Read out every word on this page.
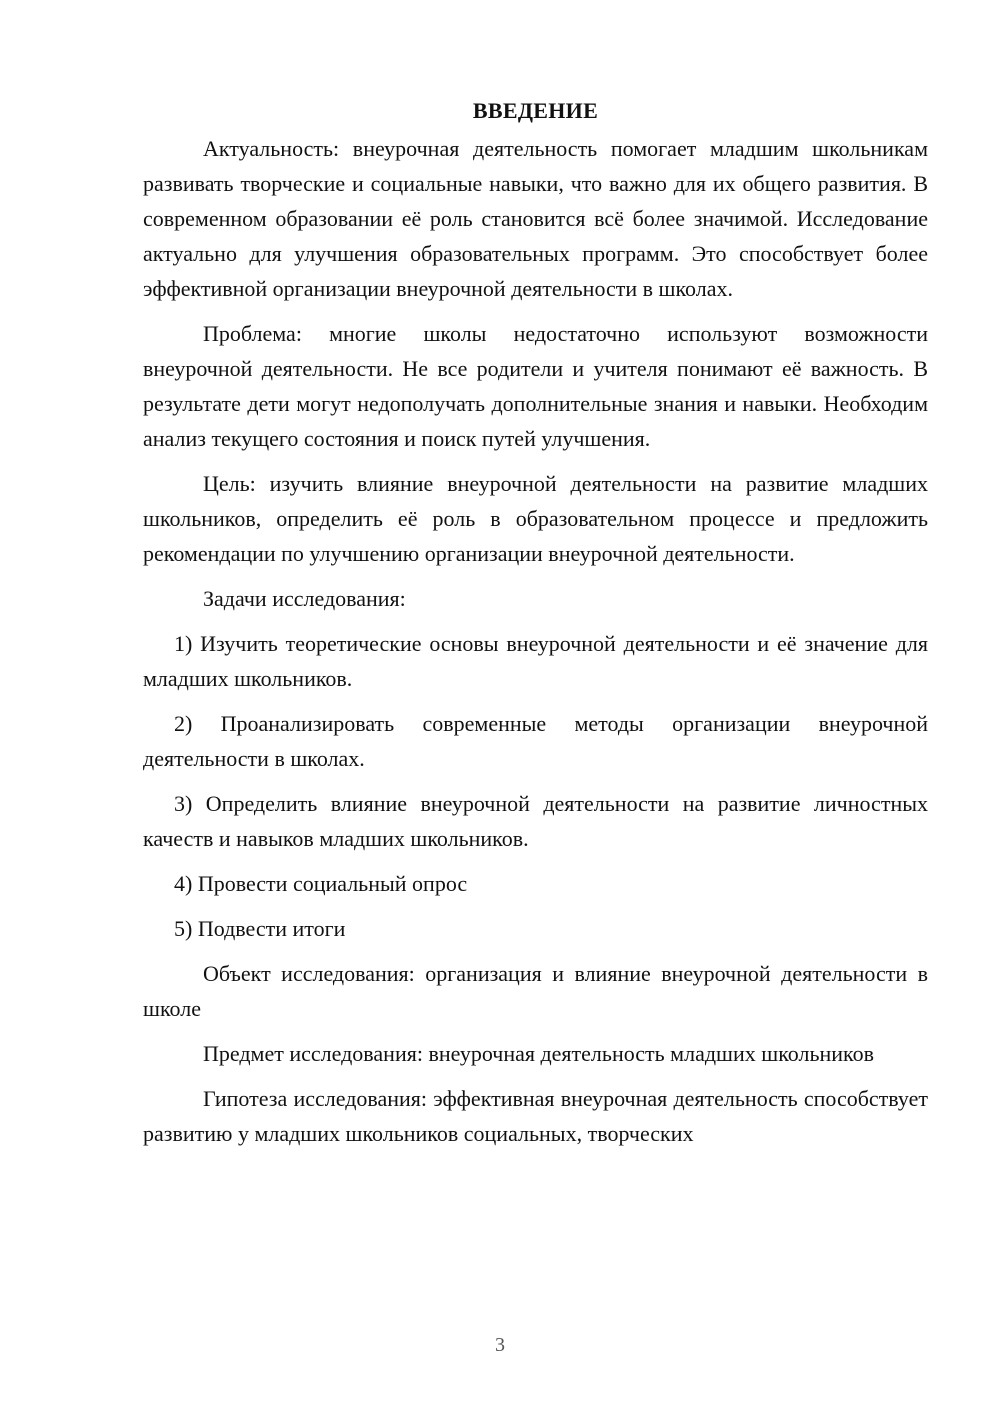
ВВЕДЕНИЕ

Актуальность: внеурочная деятельность помогает младшим школьникам развивать творческие и социальные навыки, что важно для их общего развития. В современном образовании её роль становится всё более значимой. Исследование актуально для улучшения образовательных программ. Это способствует более эффективной организации внеурочной деятельности в школах.

Проблема: многие школы недостаточно используют возможности внеурочной деятельности. Не все родители и учителя понимают её важность. В результате дети могут недополучать дополнительные знания и навыки. Необходим анализ текущего состояния и поиск путей улучшения.

Цель: изучить влияние внеурочной деятельности на развитие младших школьников, определить её роль в образовательном процессе и предложить рекомендации по улучшению организации внеурочной деятельности.

Задачи исследования:

1) Изучить теоретические основы внеурочной деятельности и её значение для младших школьников.

2) Проанализировать современные методы организации внеурочной деятельности в школах.

3) Определить влияние внеурочной деятельности на развитие личностных качеств и навыков младших школьников.

4) Провести социальный опрос

5) Подвести итоги

Объект исследования: организация и влияние внеурочной деятельности в школе

Предмет исследования: внеурочная деятельность младших школьников

Гипотеза исследования: эффективная внеурочная деятельность способствует развитию у младших школьников социальных, творческих

3
